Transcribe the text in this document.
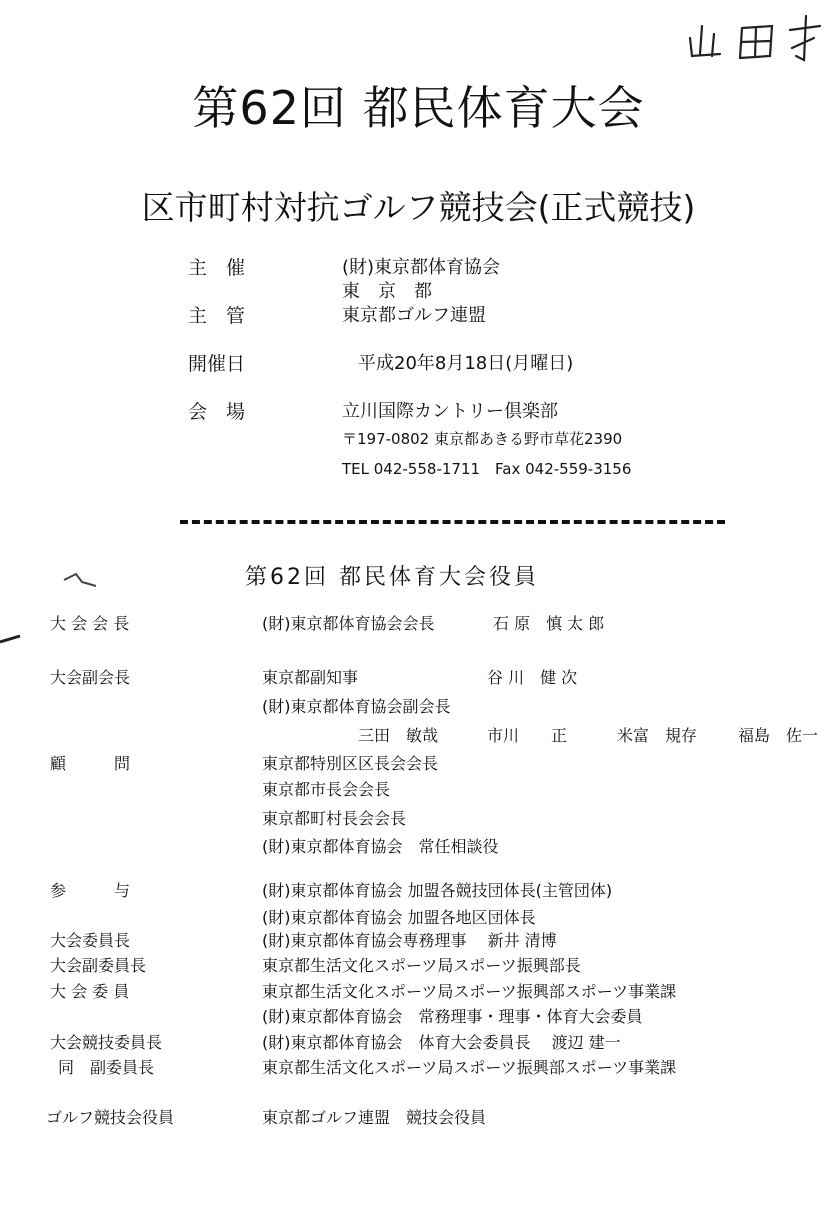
第62回 都民体育大会
区市町村対抗ゴルフ競技会(正式競技)
主　催	(財)東京都体育協会
東　京　都
主　管	東京都ゴルフ連盟
開催日	平成20年8月18日(月曜日)
会　場	立川国際カントリー倶楽部
〒197-0802 東京都あきる野市草花2390
TEL 042-558-1711　Fax 042-559-3156
第62回 都民体育大会役員
大 会 会 長	(財)東京都体育協会会長	石 原　慎 太 郎
大会副会長	東京都副知事	谷 川　健 次
(財)東京都体育協会副会長
三田　敏哉	市川　　正	米富　規存	福島　佐一
顧　　　問	東京都特別区区長会会長
東京都市長会会長
東京都町村長会会長
(財)東京都体育協会　常任相談役
参　　　与	(財)東京都体育協会 加盟各競技団体長(主管団体)
(財)東京都体育協会 加盟各地区団体長
大会委員長	(財)東京都体育協会専務理事　 新井 清博
大会副委員長	東京都生活文化スポーツ局スポーツ振興部長
大 会 委 員	東京都生活文化スポーツ局スポーツ振興部スポーツ事業課
(財)東京都体育協会　常務理事・理事・体育大会委員
大会競技委員長	(財)東京都体育協会　体育大会委員長　 渡辺 建一
同　副委員長	東京都生活文化スポーツ局スポーツ振興部スポーツ事業課
ゴルフ競技会役員	東京都ゴルフ連盟　競技会役員
